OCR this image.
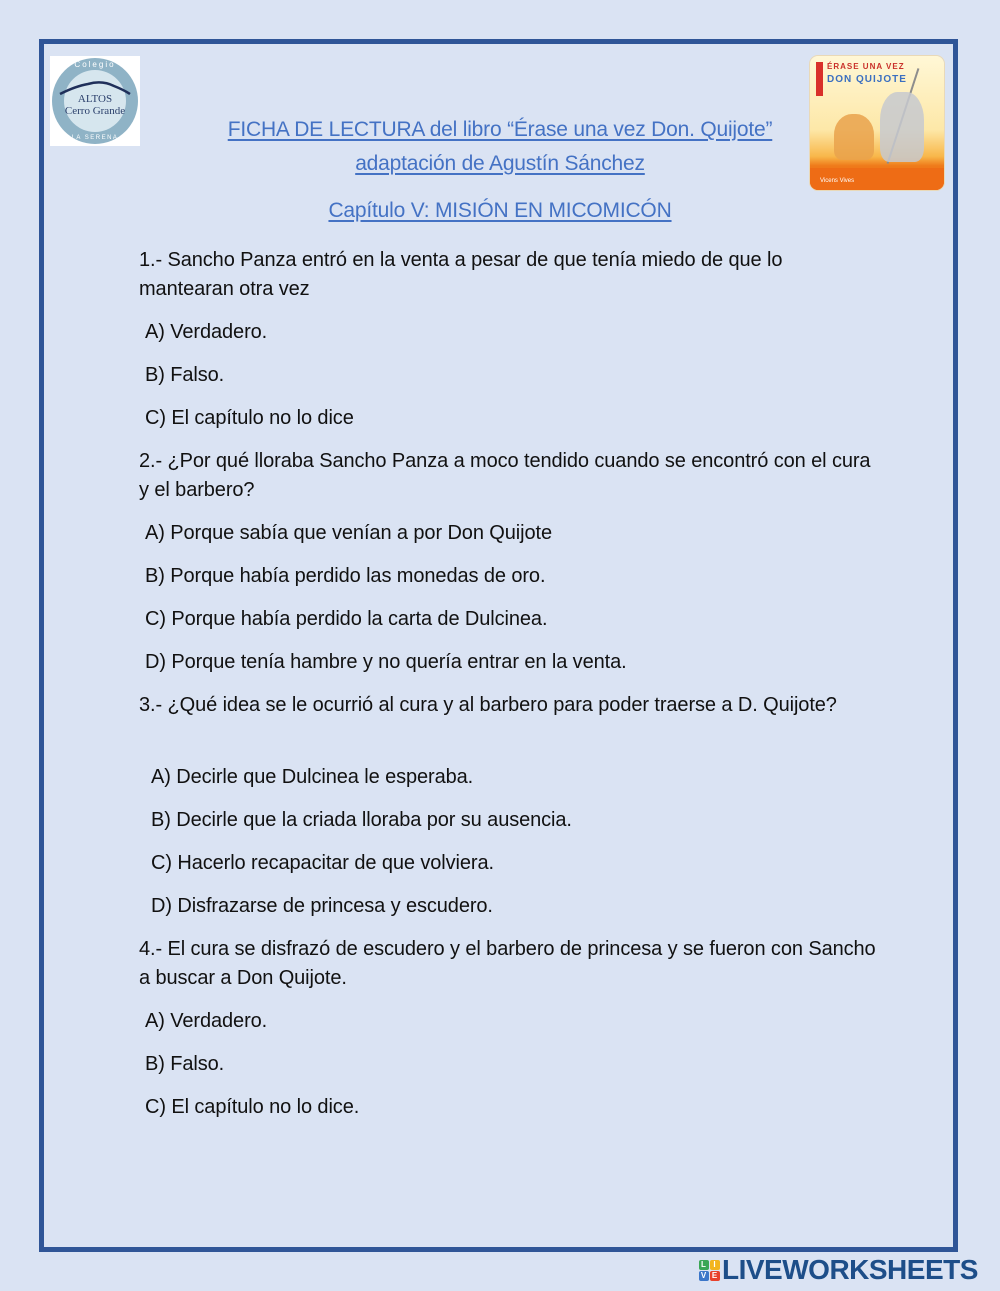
Colegio
ALTOS
Cerro Grande
LA SERENA
ÉRASE UNA VEZ
DON QUIJOTE
Vicens Vives
FICHA DE LECTURA del libro “Érase una vez Don. Quijote”
adaptación de Agustín Sánchez
Capítulo V: MISIÓN EN MICOMICÓN
1.- Sancho Panza entró en la venta a pesar de que tenía miedo de que lo mantearan otra vez
A) Verdadero.
B) Falso.
C) El capítulo no lo dice
2.- ¿Por qué lloraba Sancho Panza a moco tendido cuando se encontró con el cura y el barbero?
A) Porque sabía que venían a por Don Quijote
B) Porque había perdido las monedas de oro.
C) Porque había perdido la carta de Dulcinea.
D) Porque tenía hambre y no quería entrar en la venta.
3.- ¿Qué idea se le ocurrió al cura y al barbero para poder traerse a D. Quijote?
A) Decirle que Dulcinea le esperaba.
B) Decirle que la criada lloraba por su ausencia.
C) Hacerlo recapacitar de que volviera.
D) Disfrazarse de princesa y escudero.
4.- El cura se disfrazó de escudero y el barbero de princesa y se fueron con Sancho a buscar a Don Quijote.
A) Verdadero.
B) Falso.
C) El capítulo no lo dice.
L I
V E LIVEWORKSHEETS
